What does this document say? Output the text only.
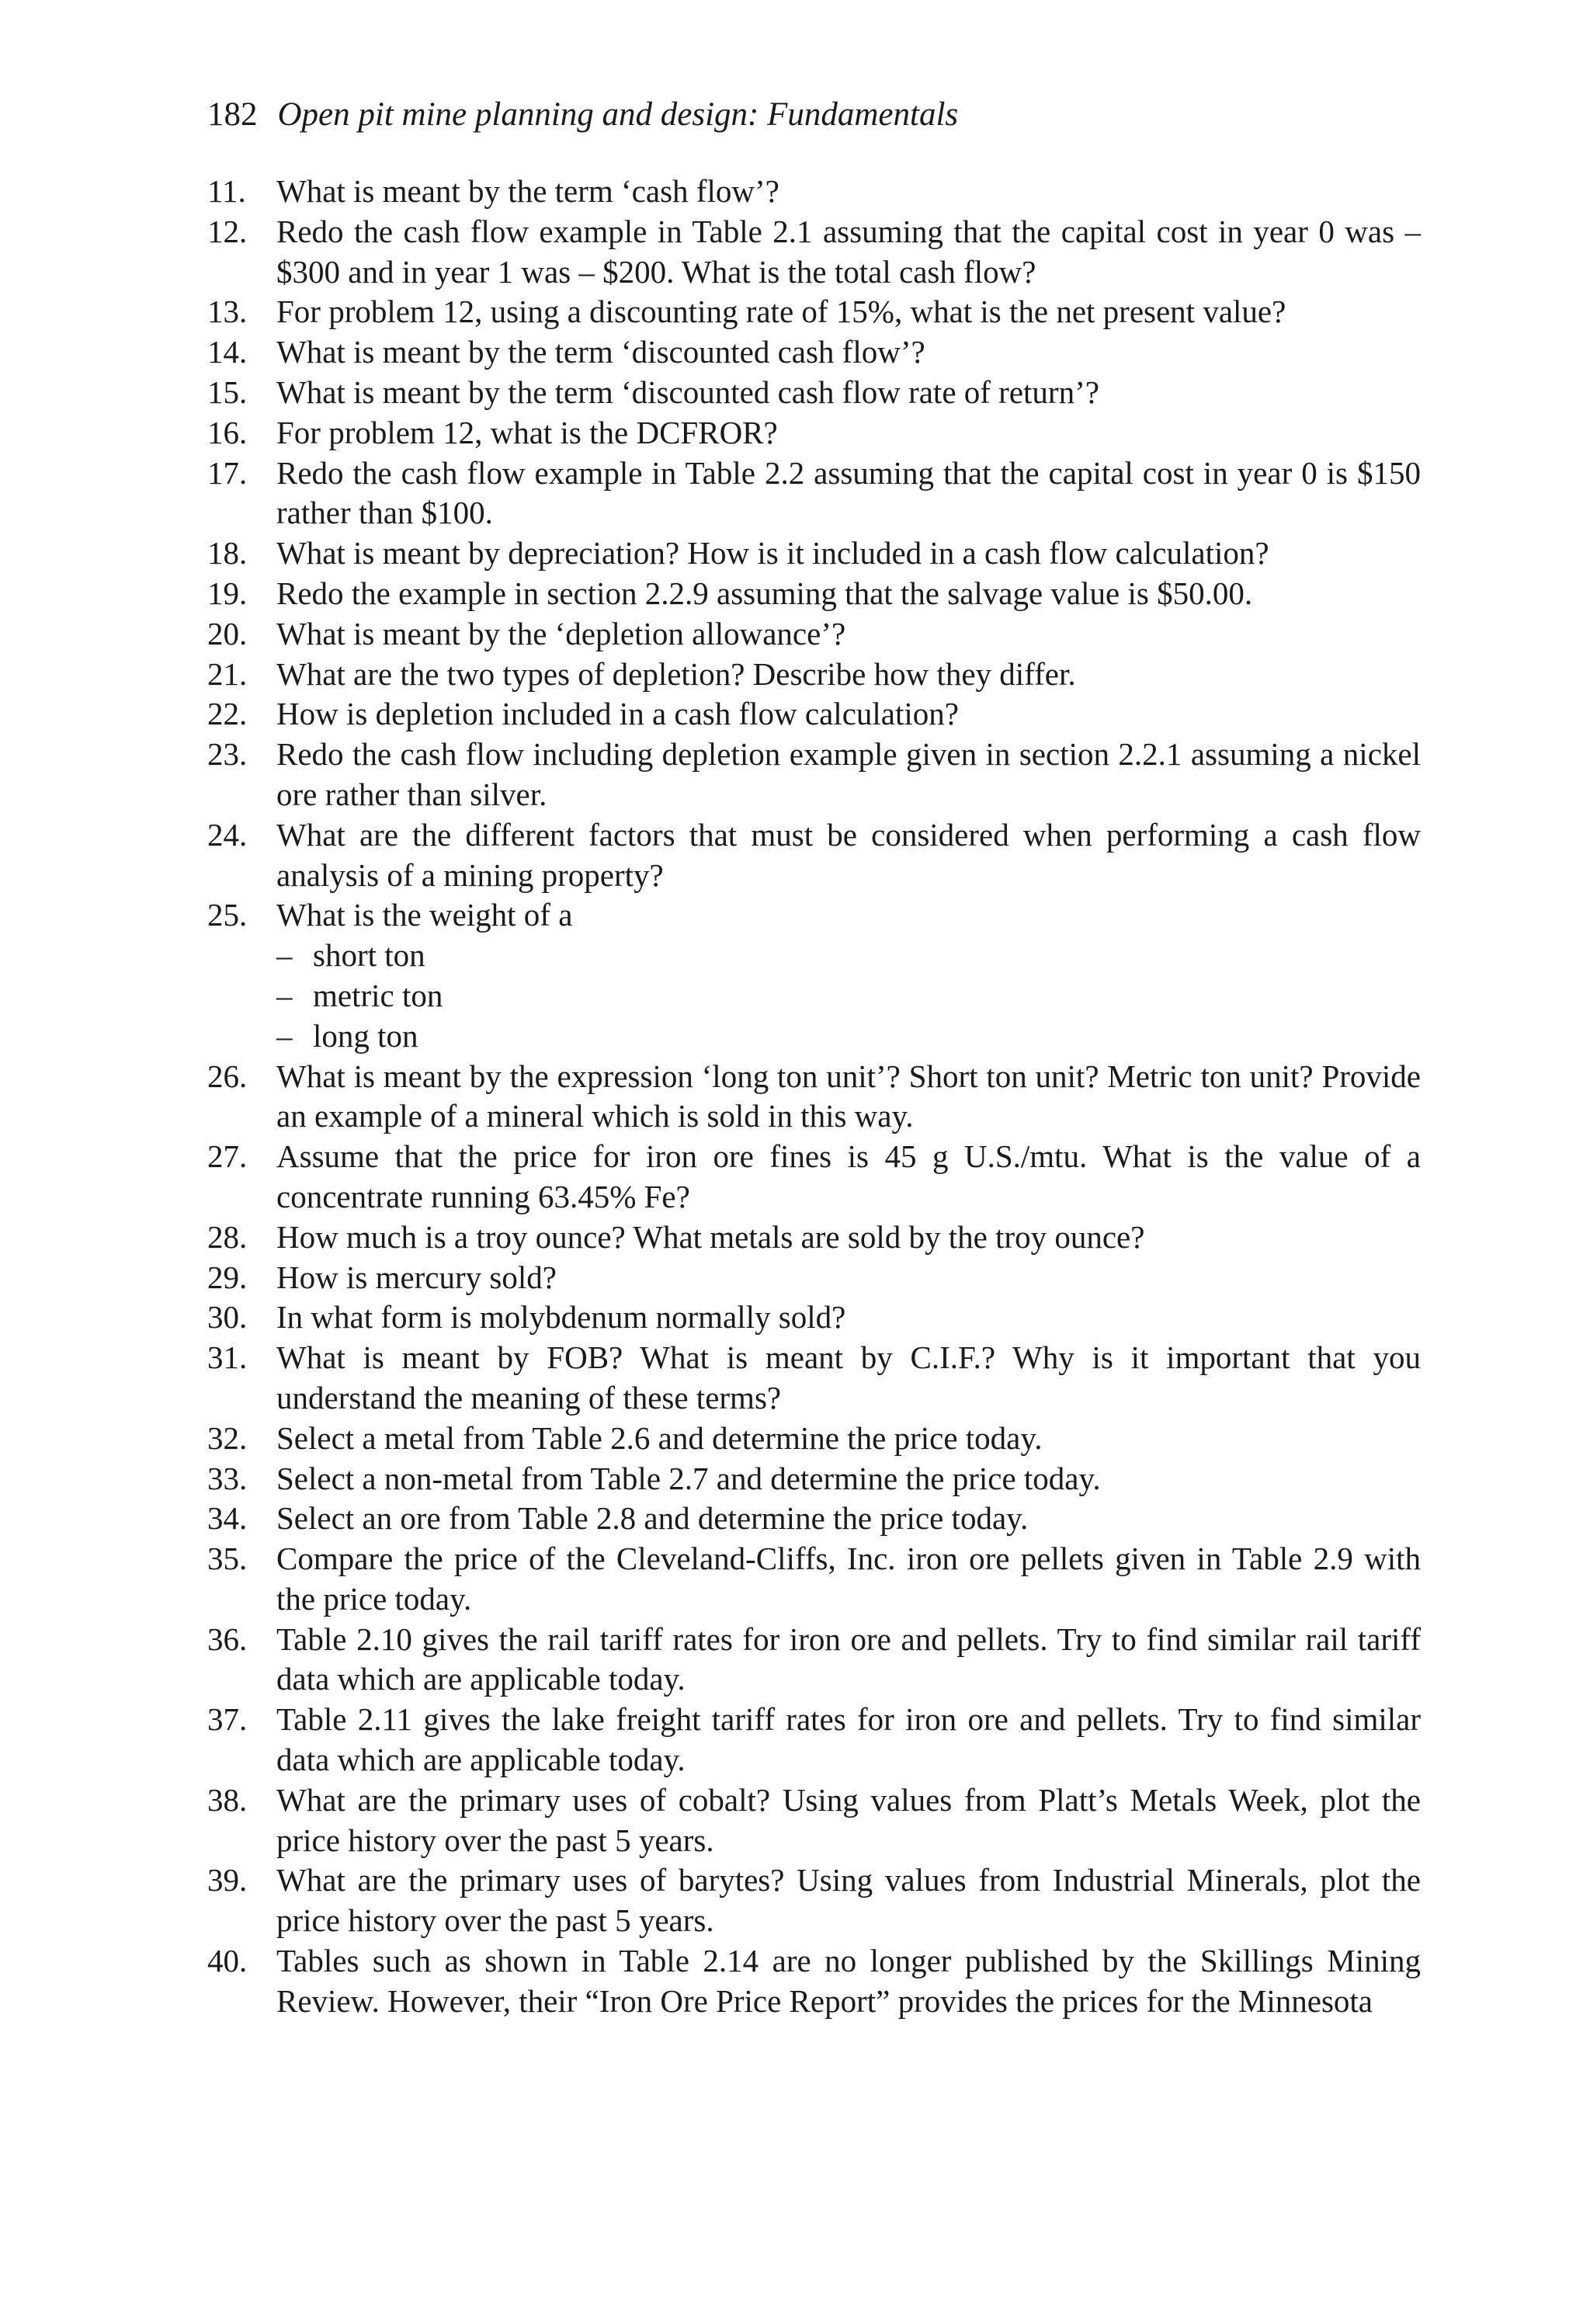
182 Open pit mine planning and design: Fundamentals
11. What is meant by the term ‘cash flow’?
12. Redo the cash flow example in Table 2.1 assuming that the capital cost in year 0 was – $300 and in year 1 was – $200. What is the total cash flow?
13. For problem 12, using a discounting rate of 15%, what is the net present value?
14. What is meant by the term ‘discounted cash flow’?
15. What is meant by the term ‘discounted cash flow rate of return’?
16. For problem 12, what is the DCFROR?
17. Redo the cash flow example in Table 2.2 assuming that the capital cost in year 0 is $150 rather than $100.
18. What is meant by depreciation? How is it included in a cash flow calculation?
19. Redo the example in section 2.2.9 assuming that the salvage value is $50.00.
20. What is meant by the ‘depletion allowance’?
21. What are the two types of depletion? Describe how they differ.
22. How is depletion included in a cash flow calculation?
23. Redo the cash flow including depletion example given in section 2.2.1 assuming a nickel ore rather than silver.
24. What are the different factors that must be considered when performing a cash flow analysis of a mining property?
25. What is the weight of a
– short ton
– metric ton
– long ton
26. What is meant by the expression ‘long ton unit’? Short ton unit? Metric ton unit? Provide an example of a mineral which is sold in this way.
27. Assume that the price for iron ore fines is 45 g U.S./mtu. What is the value of a concentrate running 63.45% Fe?
28. How much is a troy ounce? What metals are sold by the troy ounce?
29. How is mercury sold?
30. In what form is molybdenum normally sold?
31. What is meant by FOB? What is meant by C.I.F.? Why is it important that you understand the meaning of these terms?
32. Select a metal from Table 2.6 and determine the price today.
33. Select a non-metal from Table 2.7 and determine the price today.
34. Select an ore from Table 2.8 and determine the price today.
35. Compare the price of the Cleveland-Cliffs, Inc. iron ore pellets given in Table 2.9 with the price today.
36. Table 2.10 gives the rail tariff rates for iron ore and pellets. Try to find similar rail tariff data which are applicable today.
37. Table 2.11 gives the lake freight tariff rates for iron ore and pellets. Try to find similar data which are applicable today.
38. What are the primary uses of cobalt? Using values from Platt’s Metals Week, plot the price history over the past 5 years.
39. What are the primary uses of barytes? Using values from Industrial Minerals, plot the price history over the past 5 years.
40. Tables such as shown in Table 2.14 are no longer published by the Skillings Mining Review. However, their “Iron Ore Price Report” provides the prices for the Minnesota
